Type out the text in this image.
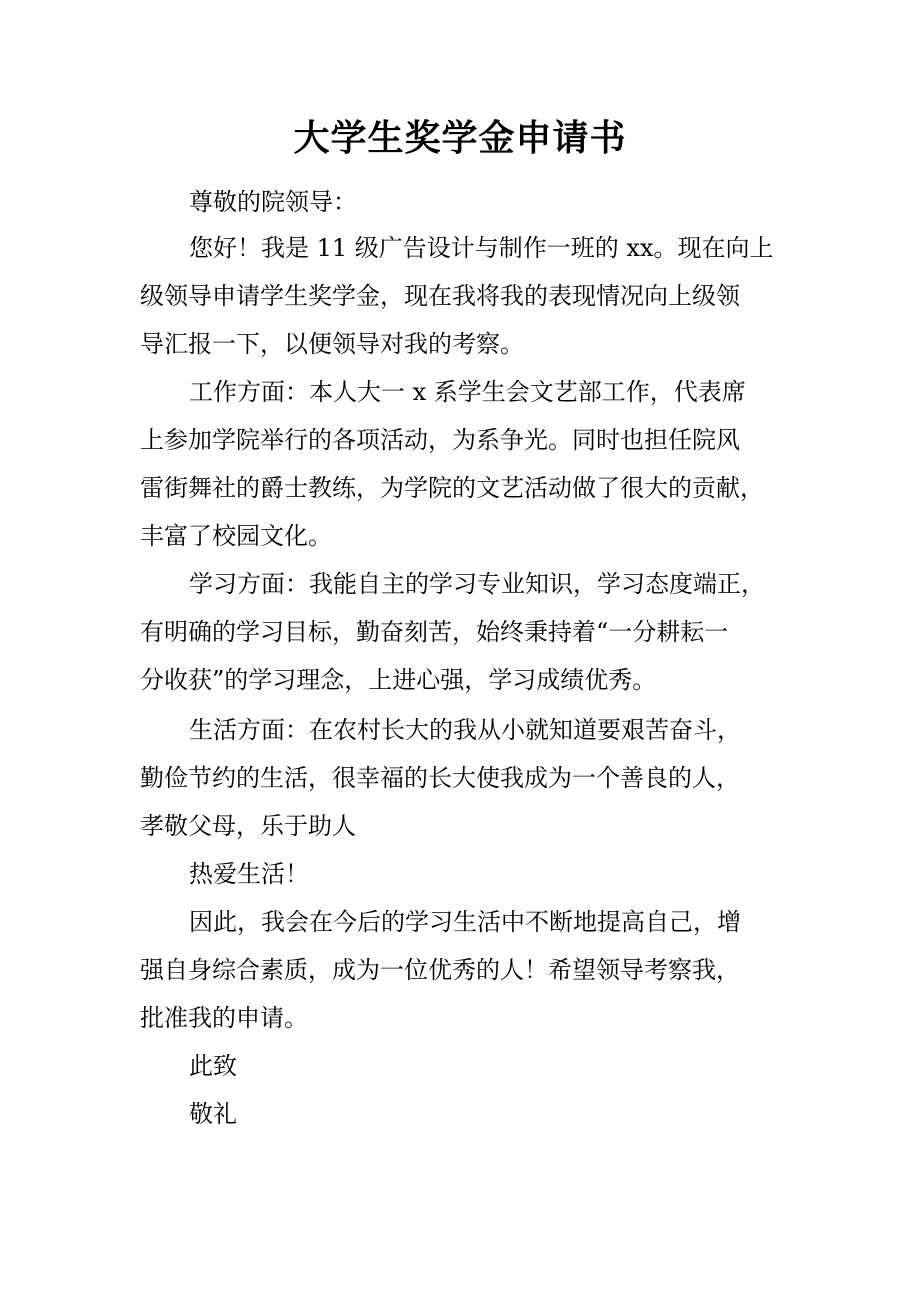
大学生奖学金申请书

尊敬的院领导：

您好！我是 11 级广告设计与制作一班的 xx。现在向上

级领导申请学生奖学金，现在我将我的表现情况向上级领

导汇报一下，以便领导对我的考察。

工作方面：本人大一 x 系学生会文艺部工作，代表席

上参加学院举行的各项活动，为系争光。同时也担任院风

雷街舞社的爵士教练，为学院的文艺活动做了很大的贡献，

丰富了校园文化。

学习方面：我能自主的学习专业知识，学习态度端正，

有明确的学习目标，勤奋刻苦，始终秉持着“一分耕耘一

分收获”的学习理念，上进心强，学习成绩优秀。

生活方面：在农村长大的我从小就知道要艰苦奋斗，

勤俭节约的生活，很幸福的长大使我成为一个善良的人，

孝敬父母，乐于助人

热爱生活！

因此，我会在今后的学习生活中不断地提高自己，增

强自身综合素质，成为一位优秀的人！希望领导考察我，

批准我的申请。

此致

敬礼
